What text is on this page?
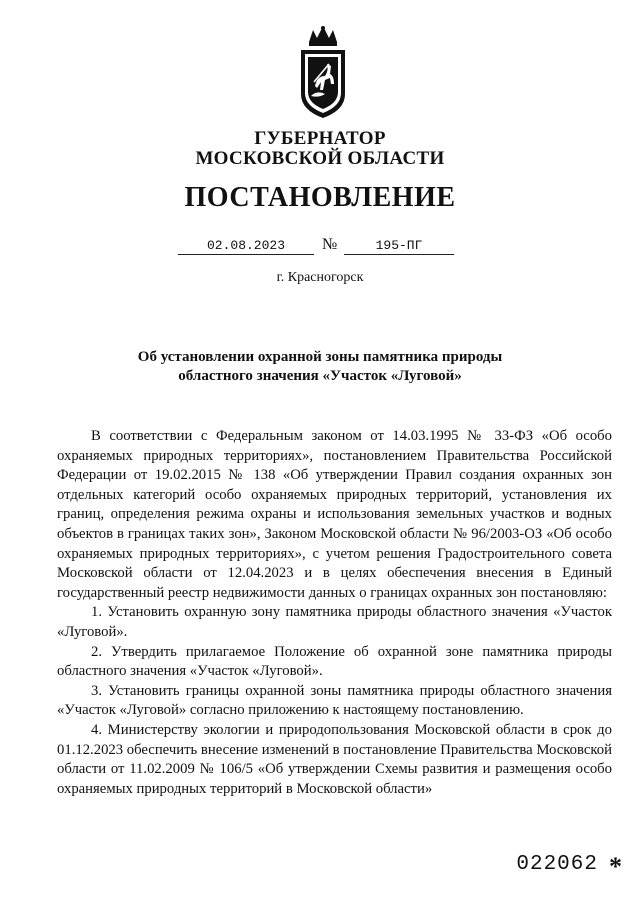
ГУБЕРНАТОР
МОСКОВСКОЙ ОБЛАСТИ
ПОСТАНОВЛЕНИЕ
02.08.2023	№	195-ПГ
г. Красногорск
Об установлении охранной зоны памятника природы
областного значения «Участок «Луговой»

В соответствии с Федеральным законом от 14.03.1995 № 33-ФЗ «Об особо охраняемых природных территориях», постановлением Правительства Российской Федерации от 19.02.2015 № 138 «Об утверждении Правил создания охранных зон отдельных категорий особо охраняемых природных территорий, установления их границ, определения режима охраны и использования земельных участков и водных объектов в границах таких зон», Законом Московской области № 96/2003-ОЗ «Об особо охраняемых природных территориях», с учетом решения Градостроительного совета Московской области от 12.04.2023 и в целях обеспечения внесения в Единый государственный реестр недвижимости данных о границах охранных зон постановляю:

1. Установить охранную зону памятника природы областного значения «Участок «Луговой».

2. Утвердить прилагаемое Положение об охранной зоне памятника природы областного значения «Участок «Луговой».

3. Установить границы охранной зоны памятника природы областного значения «Участок «Луговой» согласно приложению к настоящему постановлению.

4. Министерству экологии и природопользования Московской области в срок до 01.12.2023 обеспечить внесение изменений в постановление Правительства Московской области от 11.02.2009 № 106/5 «Об утверждении Схемы развития и размещения особо охраняемых природных территорий в Московской области»

022062 *
